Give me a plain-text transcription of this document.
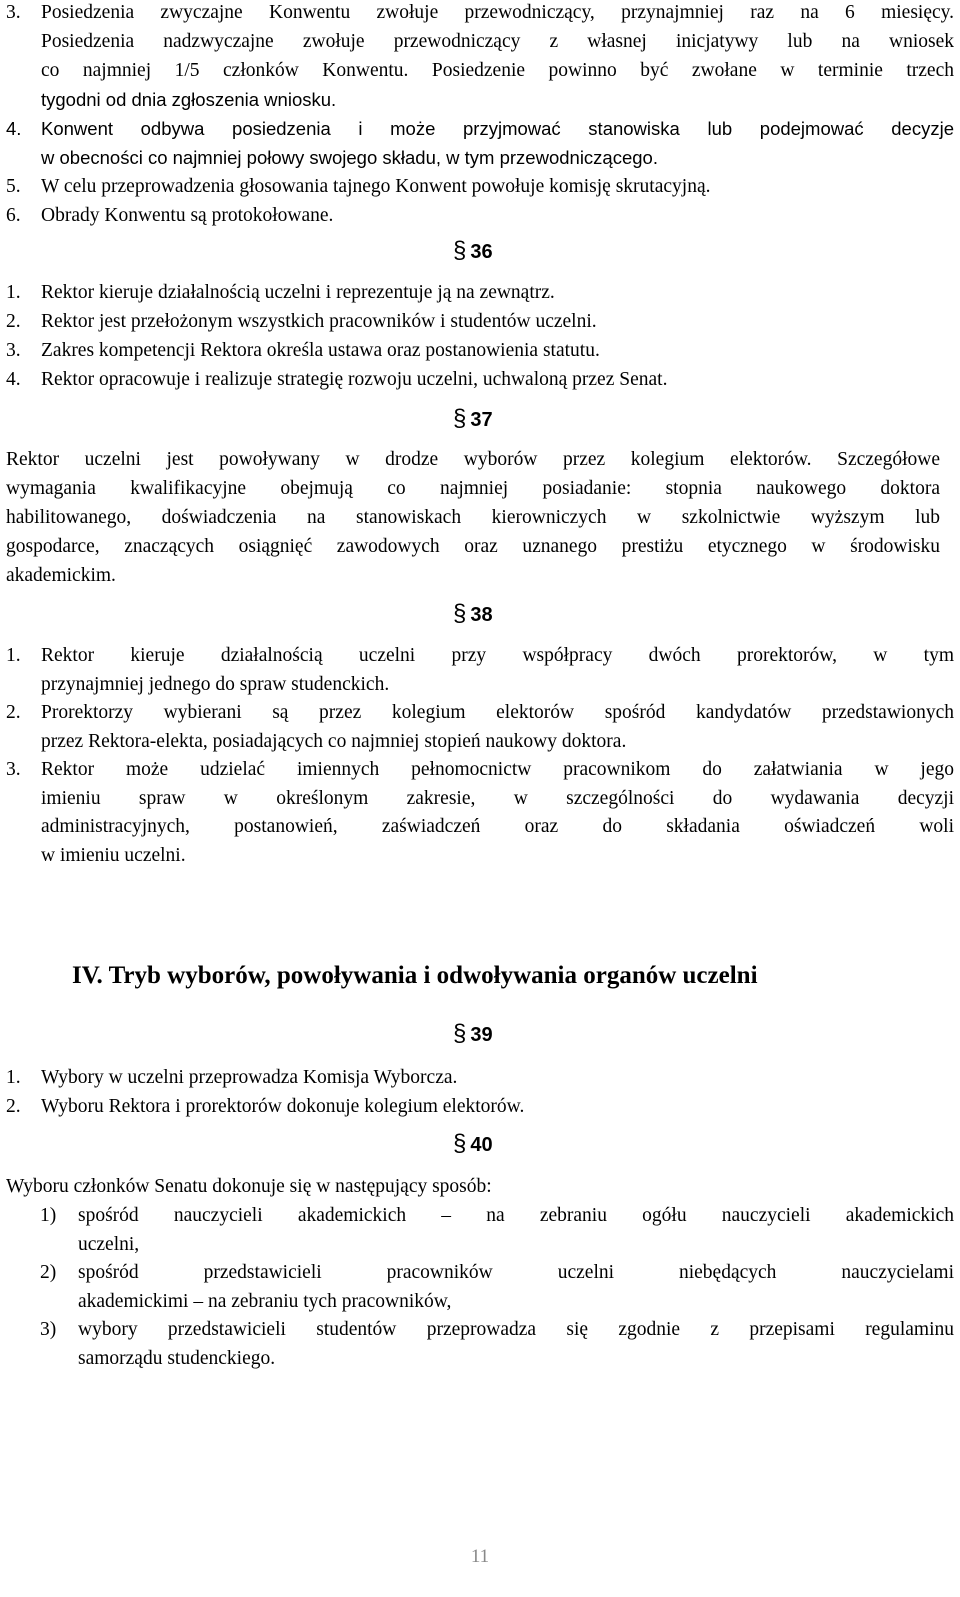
3. Posiedzenia zwyczajne Konwentu zwołuje przewodniczący, przynajmniej raz na 6 miesięcy.
Posiedzenia nadzwyczajne zwołuje przewodniczący z własnej inicjatywy lub na wniosek
co najmniej 1/5 członków Konwentu. Posiedzenie powinno być zwołane w terminie trzech
tygodni od dnia zgłoszenia wniosku.
4. Konwent odbywa posiedzenia i może przyjmować stanowiska lub podejmować decyzje
w obecności co najmniej połowy swojego składu, w tym przewodniczącego.
5. W celu przeprowadzenia głosowania tajnego Konwent powołuje komisję skrutacyjną.
6. Obrady Konwentu są protokołowane.
§ 36
1. Rektor kieruje działalnością uczelni i reprezentuje ją na zewnątrz.
2. Rektor jest przełożonym wszystkich pracowników i studentów uczelni.
3. Zakres kompetencji Rektora określa ustawa oraz postanowienia statutu.
4. Rektor opracowuje i realizuje strategię rozwoju uczelni, uchwaloną przez Senat.
§ 37
Rektor uczelni jest powoływany w drodze wyborów przez kolegium elektorów. Szczegółowe
wymagania kwalifikacyjne obejmują co najmniej posiadanie: stopnia naukowego doktora
habilitowanego, doświadczenia na stanowiskach kierowniczych w szkolnictwie wyższym lub
gospodarce, znaczących osiągnięć zawodowych oraz uznanego prestiżu etycznego w środowisku
akademickim.
§ 38
1. Rektor kieruje działalnością uczelni przy współpracy dwóch prorektorów, w tym
przynajmniej jednego do spraw studenckich.
2. Prorektorzy wybierani są przez kolegium elektorów spośród kandydatów przedstawionych
przez Rektora-elekta, posiadających co najmniej stopień naukowy doktora.
3. Rektor może udzielać imiennych pełnomocnictw pracownikom do załatwiania w jego
imieniu spraw w określonym zakresie, w szczególności do wydawania decyzji
administracyjnych, postanowień, zaświadczeń oraz do składania oświadczeń woli
w imieniu uczelni.
IV. Tryb wyborów, powoływania i odwoływania organów uczelni
§ 39
1. Wybory w uczelni przeprowadza Komisja Wyborcza.
2. Wyboru Rektora i prorektorów dokonuje kolegium elektorów.
§ 40
Wyboru członków Senatu dokonuje się w następujący sposób:
1) spośród nauczycieli akademickich – na zebraniu ogółu nauczycieli akademickich
uczelni,
2) spośród przedstawicieli pracowników uczelni niebędących nauczycielami
akademickimi – na zebraniu tych pracowników,
3) wybory przedstawicieli studentów przeprowadza się zgodnie z przepisami regulaminu
samorządu studenckiego.
11
